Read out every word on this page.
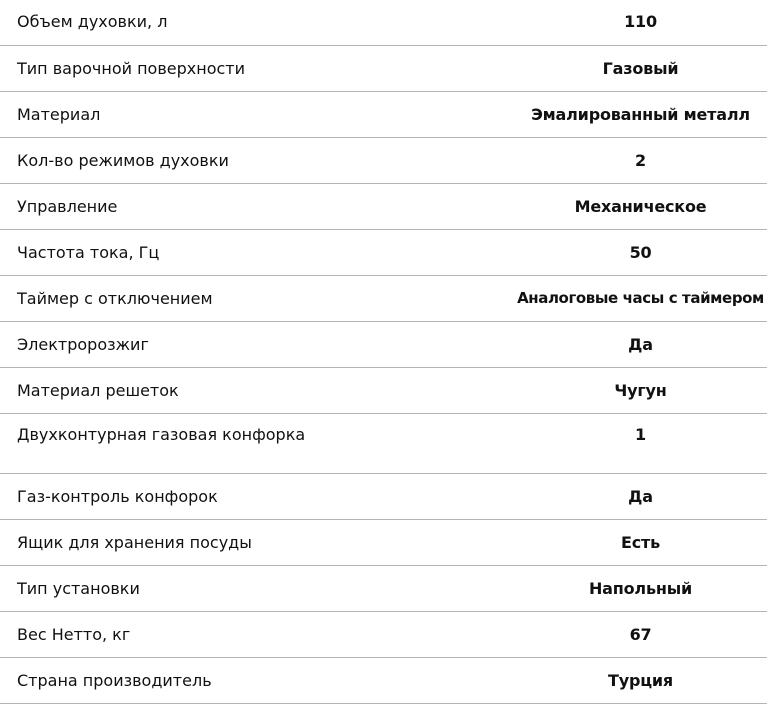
Объем духовки, л	110
Тип варочной поверхности	Газовый
Материал	Эмалированный металл
Кол-во режимов духовки	2
Управление	Механическое
Частота тока, Гц	50
Таймер с отключением	Аналоговые часы с таймером
Электророзжиг	Да
Материал решеток	Чугун
Двухконтурная газовая конфорка	1
Газ-контроль конфорок	Да
Ящик для хранения посуды	Есть
Тип установки	Напольный
Вес Нетто, кг	67
Страна производитель	Турция
